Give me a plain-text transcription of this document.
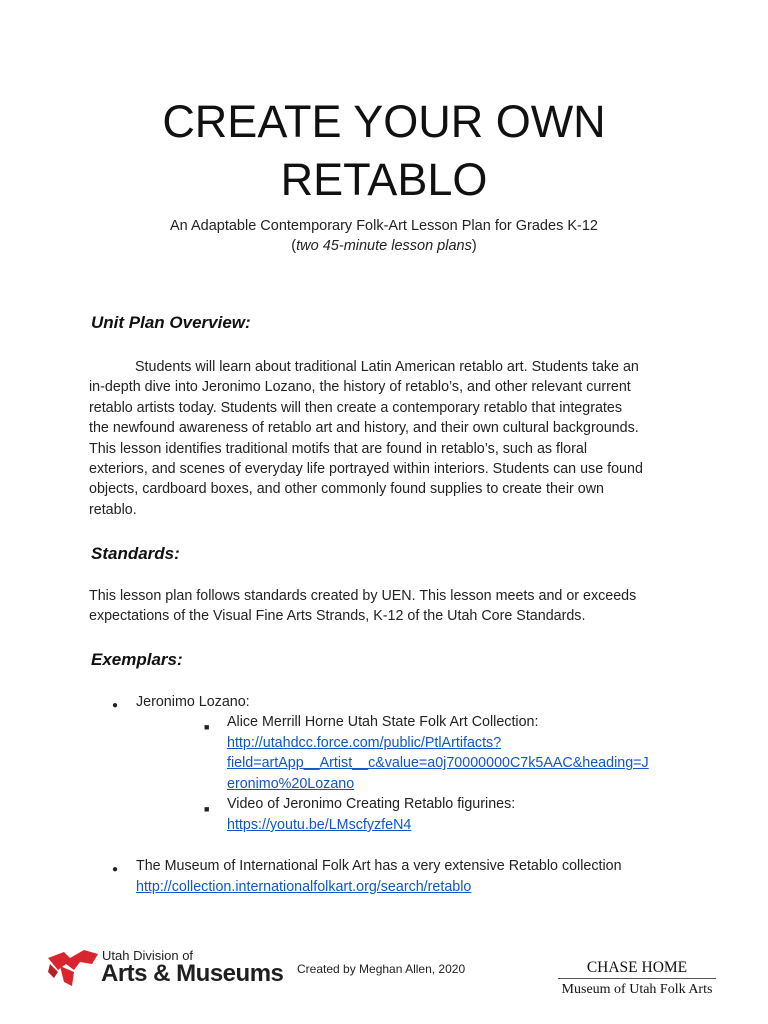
CREATE YOUR OWN
RETABLO
An Adaptable Contemporary Folk-Art Lesson Plan for Grades K-12
(two 45-minute lesson plans)
Unit Plan Overview:
Students will learn about traditional Latin American retablo art. Students take an
in-depth dive into Jeronimo Lozano, the history of retablo’s, and other relevant current
retablo artists today. Students will then create a contemporary retablo that integrates
the newfound awareness of retablo art and history, and their own cultural backgrounds.
This lesson identifies traditional motifs that are found in retablo’s, such as floral
exteriors, and scenes of everyday life portrayed within interiors. Students can use found
objects, cardboard boxes, and other commonly found supplies to create their own
retablo.
Standards:
This lesson plan follows standards created by UEN. This lesson meets and or exceeds
expectations of the Visual Fine Arts Strands, K-12 of the Utah Core Standards.
Exemplars:
● Jeronimo Lozano:
■ Alice Merrill Horne Utah State Folk Art Collection:
http://utahdcc.force.com/public/PtlArtifacts?
field=artApp__Artist__c&value=a0j70000000C7k5AAC&heading=J
eronimo%20Lozano
■ Video of Jeronimo Creating Retablo figurines:
https://youtu.be/LMscfyzfeN4
● The Museum of International Folk Art has a very extensive Retablo collection
http://collection.internationalfolkart.org/search/retablo
Utah Division of
Arts & Museums Created by Meghan Allen, 2020	CHASE HOME
Museum of Utah Folk Arts
